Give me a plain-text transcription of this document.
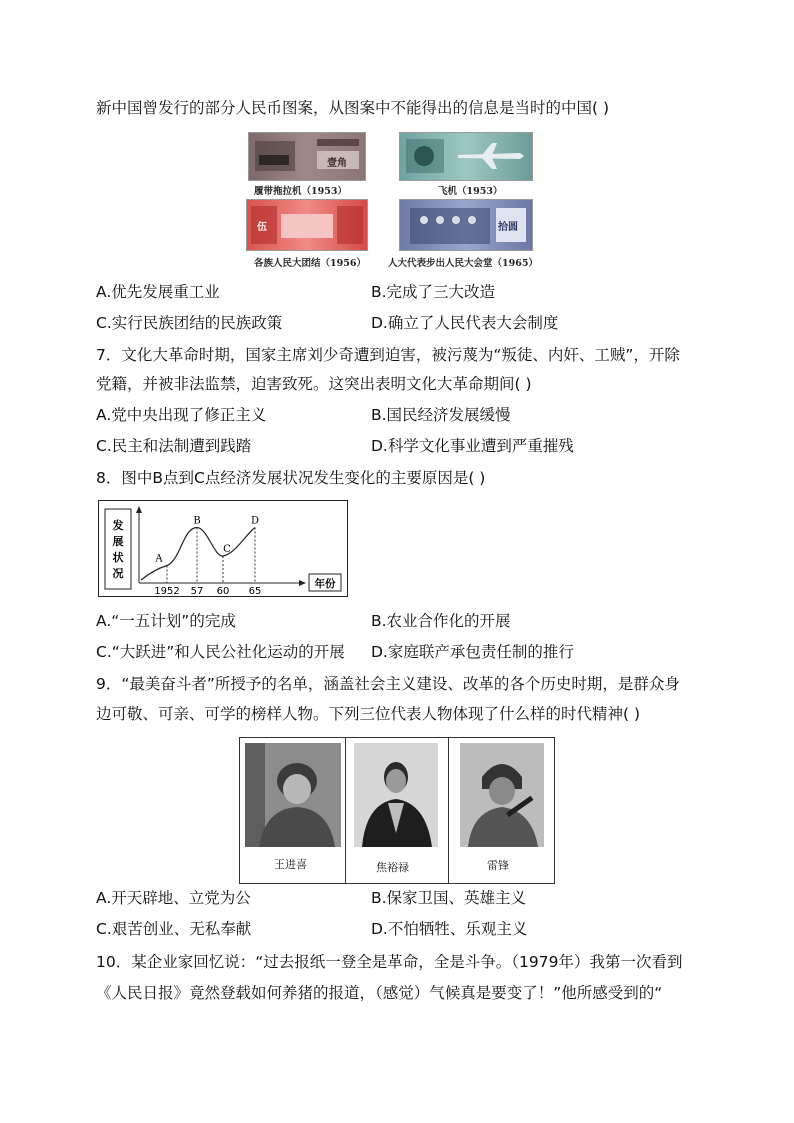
新中国曾发行的部分人民币图案，从图案中不能得出的信息是当时的中国( )
壹角
履带拖拉机（1953）	飞机（1953）
伍
各族人民大团结（1956）
拾圆
人大代表步出人民大会堂（1965）
A.优先发展重工业	B.完成了三大改造
C.实行民族团结的民族政策	D.确立了人民代表大会制度
7．文化大革命时期，国家主席刘少奇遭到迫害，被污蔑为“叛徒、内奸、工贼”，开除
党籍，并被非法监禁，迫害致死。这突出表明文化大革命期间( )
A.党中央出现了修正主义	B.国民经济发展缓慢
C.民主和法制遭到践踏	D.科学文化事业遭到严重摧残
8．图中B点到C点经济发展状况发生变化的主要原因是( )
发
展
状
况
年份
1952 57 60 65
A
B
C
D
A.“一五计划”的完成	B.农业合作化的开展
C.“大跃进”和人民公社化运动的开展 D.家庭联产承包责任制的推行
9．“最美奋斗者”所授予的名单，涵盖社会主义建设、改革的各个历史时期，是群众身
边可敬、可亲、可学的榜样人物。下列三位代表人物体现了什么样的时代精神( )
王进喜	焦裕禄	雷锋
A.开天辟地、立党为公	B.保家卫国、英雄主义
C.艰苦创业、无私奉献	D.不怕牺牲、乐观主义
10．某企业家回忆说：“过去报纸一登全是革命，全是斗争。（1979年）我第一次看到
《人民日报》竟然登载如何养猪的报道，（感觉）气候真是要变了！”他所感受到的“
